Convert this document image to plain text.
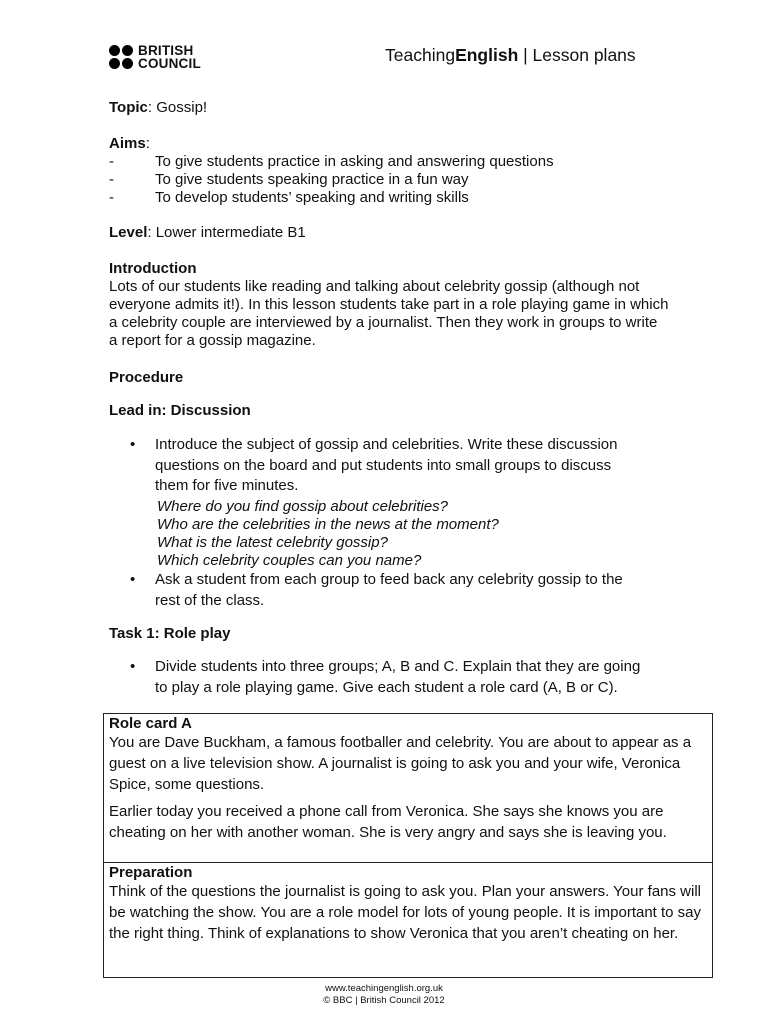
BRITISH
COUNCIL	TeachingEnglish | Lesson plans
Topic: Gossip!
Aims:
-	To give students practice in asking and answering questions
-	To give students speaking practice in a fun way
-	To develop students’ speaking and writing skills
Level: Lower intermediate B1
Introduction
Lots of our students like reading and talking about celebrity gossip (although not everyone admits it!). In this lesson students take part in a role playing game in which a celebrity couple are interviewed by a journalist. Then they work in groups to write a report for a gossip magazine.
Procedure
Lead in: Discussion
• Introduce the subject of gossip and celebrities. Write these discussion questions on the board and put students into small groups to discuss them for five minutes.
Where do you find gossip about celebrities?
Who are the celebrities in the news at the moment?
What is the latest celebrity gossip?
Which celebrity couples can you name?
• Ask a student from each group to feed back any celebrity gossip to the rest of the class.
Task 1: Role play
• Divide students into three groups; A, B and C. Explain that they are going to play a role playing game. Give each student a role card (A, B or C).
Role card A
You are Dave Buckham, a famous footballer and celebrity. You are about to appear as a guest on a live television show. A journalist is going to ask you and your wife, Veronica Spice, some questions.
Earlier today you received a phone call from Veronica. She says she knows you are cheating on her with another woman. She is very angry and says she is leaving you.
Preparation
Think of the questions the journalist is going to ask you. Plan your answers. Your fans will be watching the show. You are a role model for lots of young people. It is important to say the right thing. Think of explanations to show Veronica that you aren’t cheating on her.
www.teachingenglish.org.uk
© BBC | British Council 2012
